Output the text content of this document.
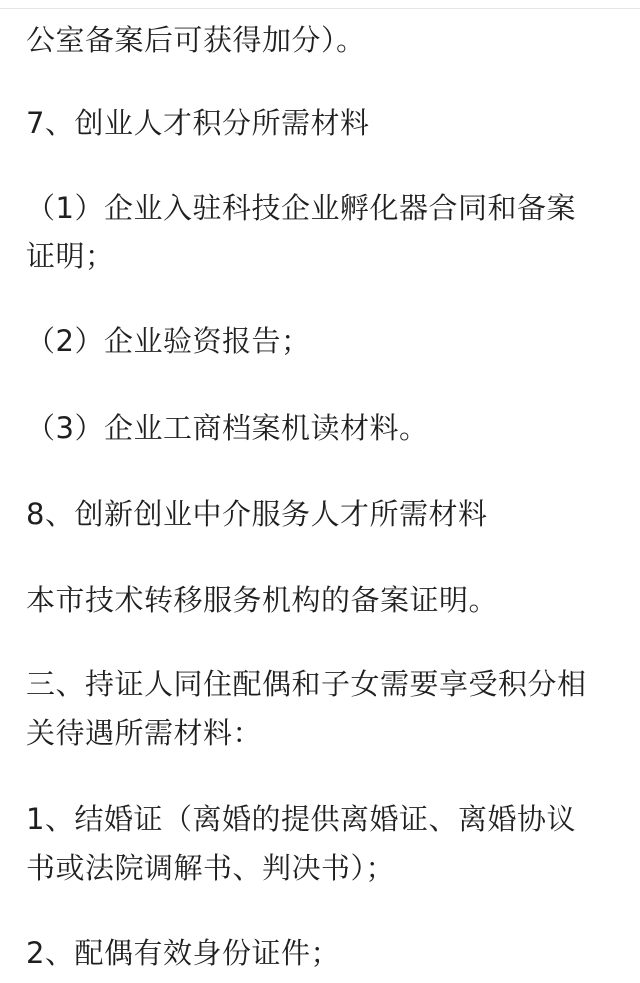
公室备案后可获得加分）。
7、创业人才积分所需材料
（1）企业入驻科技企业孵化器合同和备案
证明；
（2）企业验资报告；
（3）企业工商档案机读材料。
8、创新创业中介服务人才所需材料
本市技术转移服务机构的备案证明。
三、持证人同住配偶和子女需要享受积分相
关待遇所需材料：
1、结婚证（离婚的提供离婚证、离婚协议
书或法院调解书、判决书）；
2、配偶有效身份证件；
